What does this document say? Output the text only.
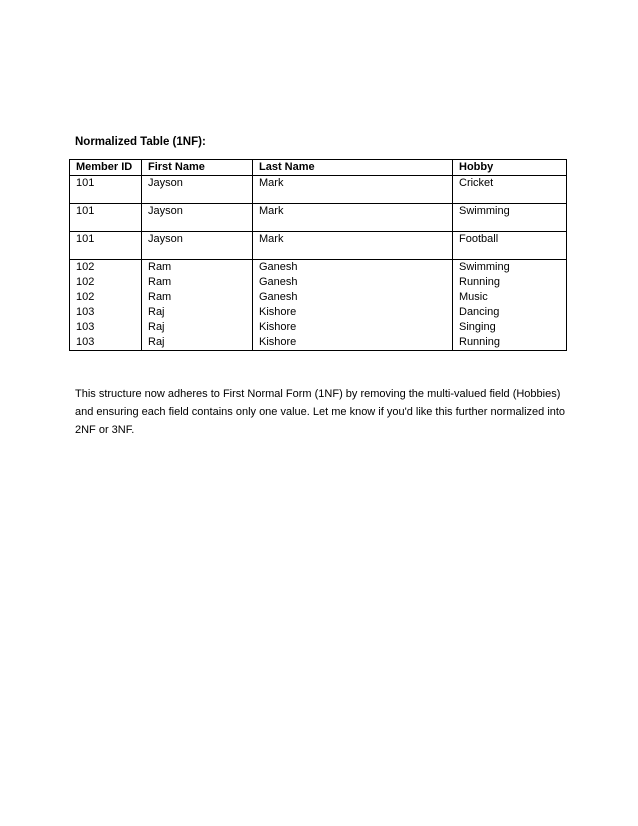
Normalized Table (1NF):

Member ID	First Name	Last Name	Hobby
101	Jayson	Mark	Cricket
101	Jayson	Mark	Swimming
101	Jayson	Mark	Football
102	Ram	Ganesh	Swimming
102	Ram	Ganesh	Running
102	Ram	Ganesh	Music
103	Raj	Kishore	Dancing
103	Raj	Kishore	Singing
103	Raj	Kishore	Running

This structure now adheres to First Normal Form (1NF) by removing the multi-valued field (Hobbies) and ensuring each field contains only one value. Let me know if you'd like this further normalized into 2NF or 3NF.
